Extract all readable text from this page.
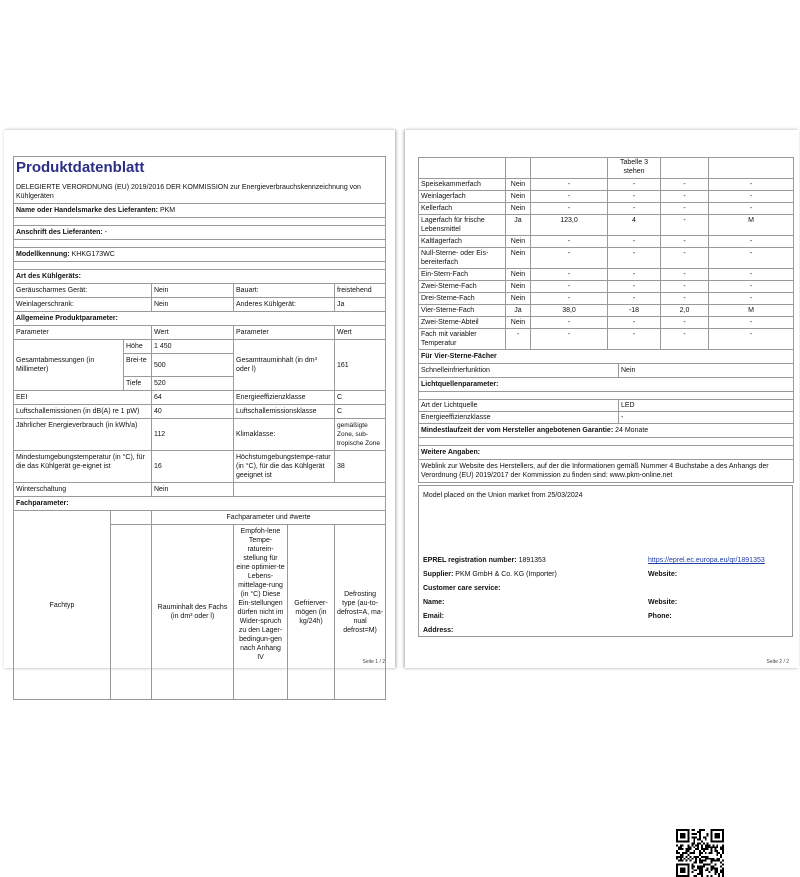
Produktdatenblatt
DELEGIERTE VERORDNUNG (EU) 2019/2016 DER KOMMISSION zur Energieverbrauchskennzeichnung von Kühlgeräten						

Name oder Handelsmarke des Lieferanten: PKM						

Anschrift des Lieferanten: -						

Modellkennung: KHKG173WC						

Art des Kühlgeräts:						
Geräuscharmes Gerät:			Nein	Bauart:		freistehend
Weinlagerschrank:			Nein	Anderes Kühlgerät:		Ja
Allgemeine Produktparameter:						
Parameter			Wert	Parameter		Wert
Gesamtabmessungen (in Millimeter)		Höhe	1 450	Gesamtrauminhalt (in dm³ oder l)		161
		Brei-te	500			
		Tiefe	520			
EEI			64	Energieeffizienzklasse		C
Luftschallemissionen (in dB(A) re 1 pW)			40	Luftschallemissionsklasse		C
Jährlicher Energieverbrauch (in kWh/a)			112	Klimaklasse:		gemäßigte Zone, sub-tropische Zone
Mindestumgebungstemperatur (in °C), für die das Kühlgerät ge-eignet ist			16	Höchstumgebungstempe-ratur (in °C), für die das Kühlgerät geeignet ist		38
Winterschaltung			Nein			
Fachparameter:						
Fachtyp			Fachparameter und #werte			
			Rauminhalt des Fachs (in dm³ oder l)	Empfoh-lene Tempe-raturein-stellung für eine optimier-te Lebens-mittelage-rung (in °C) Diese Ein-stellungen dürfen nicht im Wider-spruch zu den Lager-bedingun-gen nach Anhang IV	Gefrierver-mögen (in kg/24h)	Defrosting type (au-to-defrost=A, ma-nual defrost=M)
Seite 1 / 2
			Tabelle 3 stehen		
Speisekammerfach	Nein	-	-	-	-
Weinlagerfach	Nein	-	-	-	-
Kellerfach	Nein	-	-	-	-
Lagerfach für frische Lebensmittel	Ja	123,0	4	-	M
Kaltlagerfach	Nein	-	-	-	-
Null-Sterne- oder Eis-bereiterfach	Nein	-	-	-	-
Ein-Stern-Fach	Nein	-	-	-	-
Zwei-Sterne-Fach	Nein	-	-	-	-
Drei-Sterne-Fach	Nein	-	-	-	-
Vier-Sterne-Fach	Ja	38,0	-18	2,0	M
Zwei-Sterne-Abteil	Nein	-	-	-	-
Fach mit variabler Temperatur	-	-	-	-	-
Für Vier-Sterne-Fächer	
Schnelleinfrierfunktion	Nein
Lichtquellenparameter:	

Art der Lichtquelle	LED
Energieeffizienzklasse	-
Mindestlaufzeit der vom Hersteller angebotenen Garantie: 24 Monate	

Weitere Angaben:	
Weblink zur Website des Herstellers, auf der die Informationen gemäß Nummer 4 Buchstabe a des Anhangs der Verordnung (EU) 2019/2017 der Kommission zu finden sind: www.pkm-online.net	
Model placed on the Union market from 25/03/2024
EPREL registration number: 1891353	https://eprel.ec.europa.eu/qr/1891353
Supplier: PKM GmbH & Co. KG (Importer)	Website:
Customer care service:	
Name:	Website:
Email:	Phone:
Address:	
Seite 2 / 2
